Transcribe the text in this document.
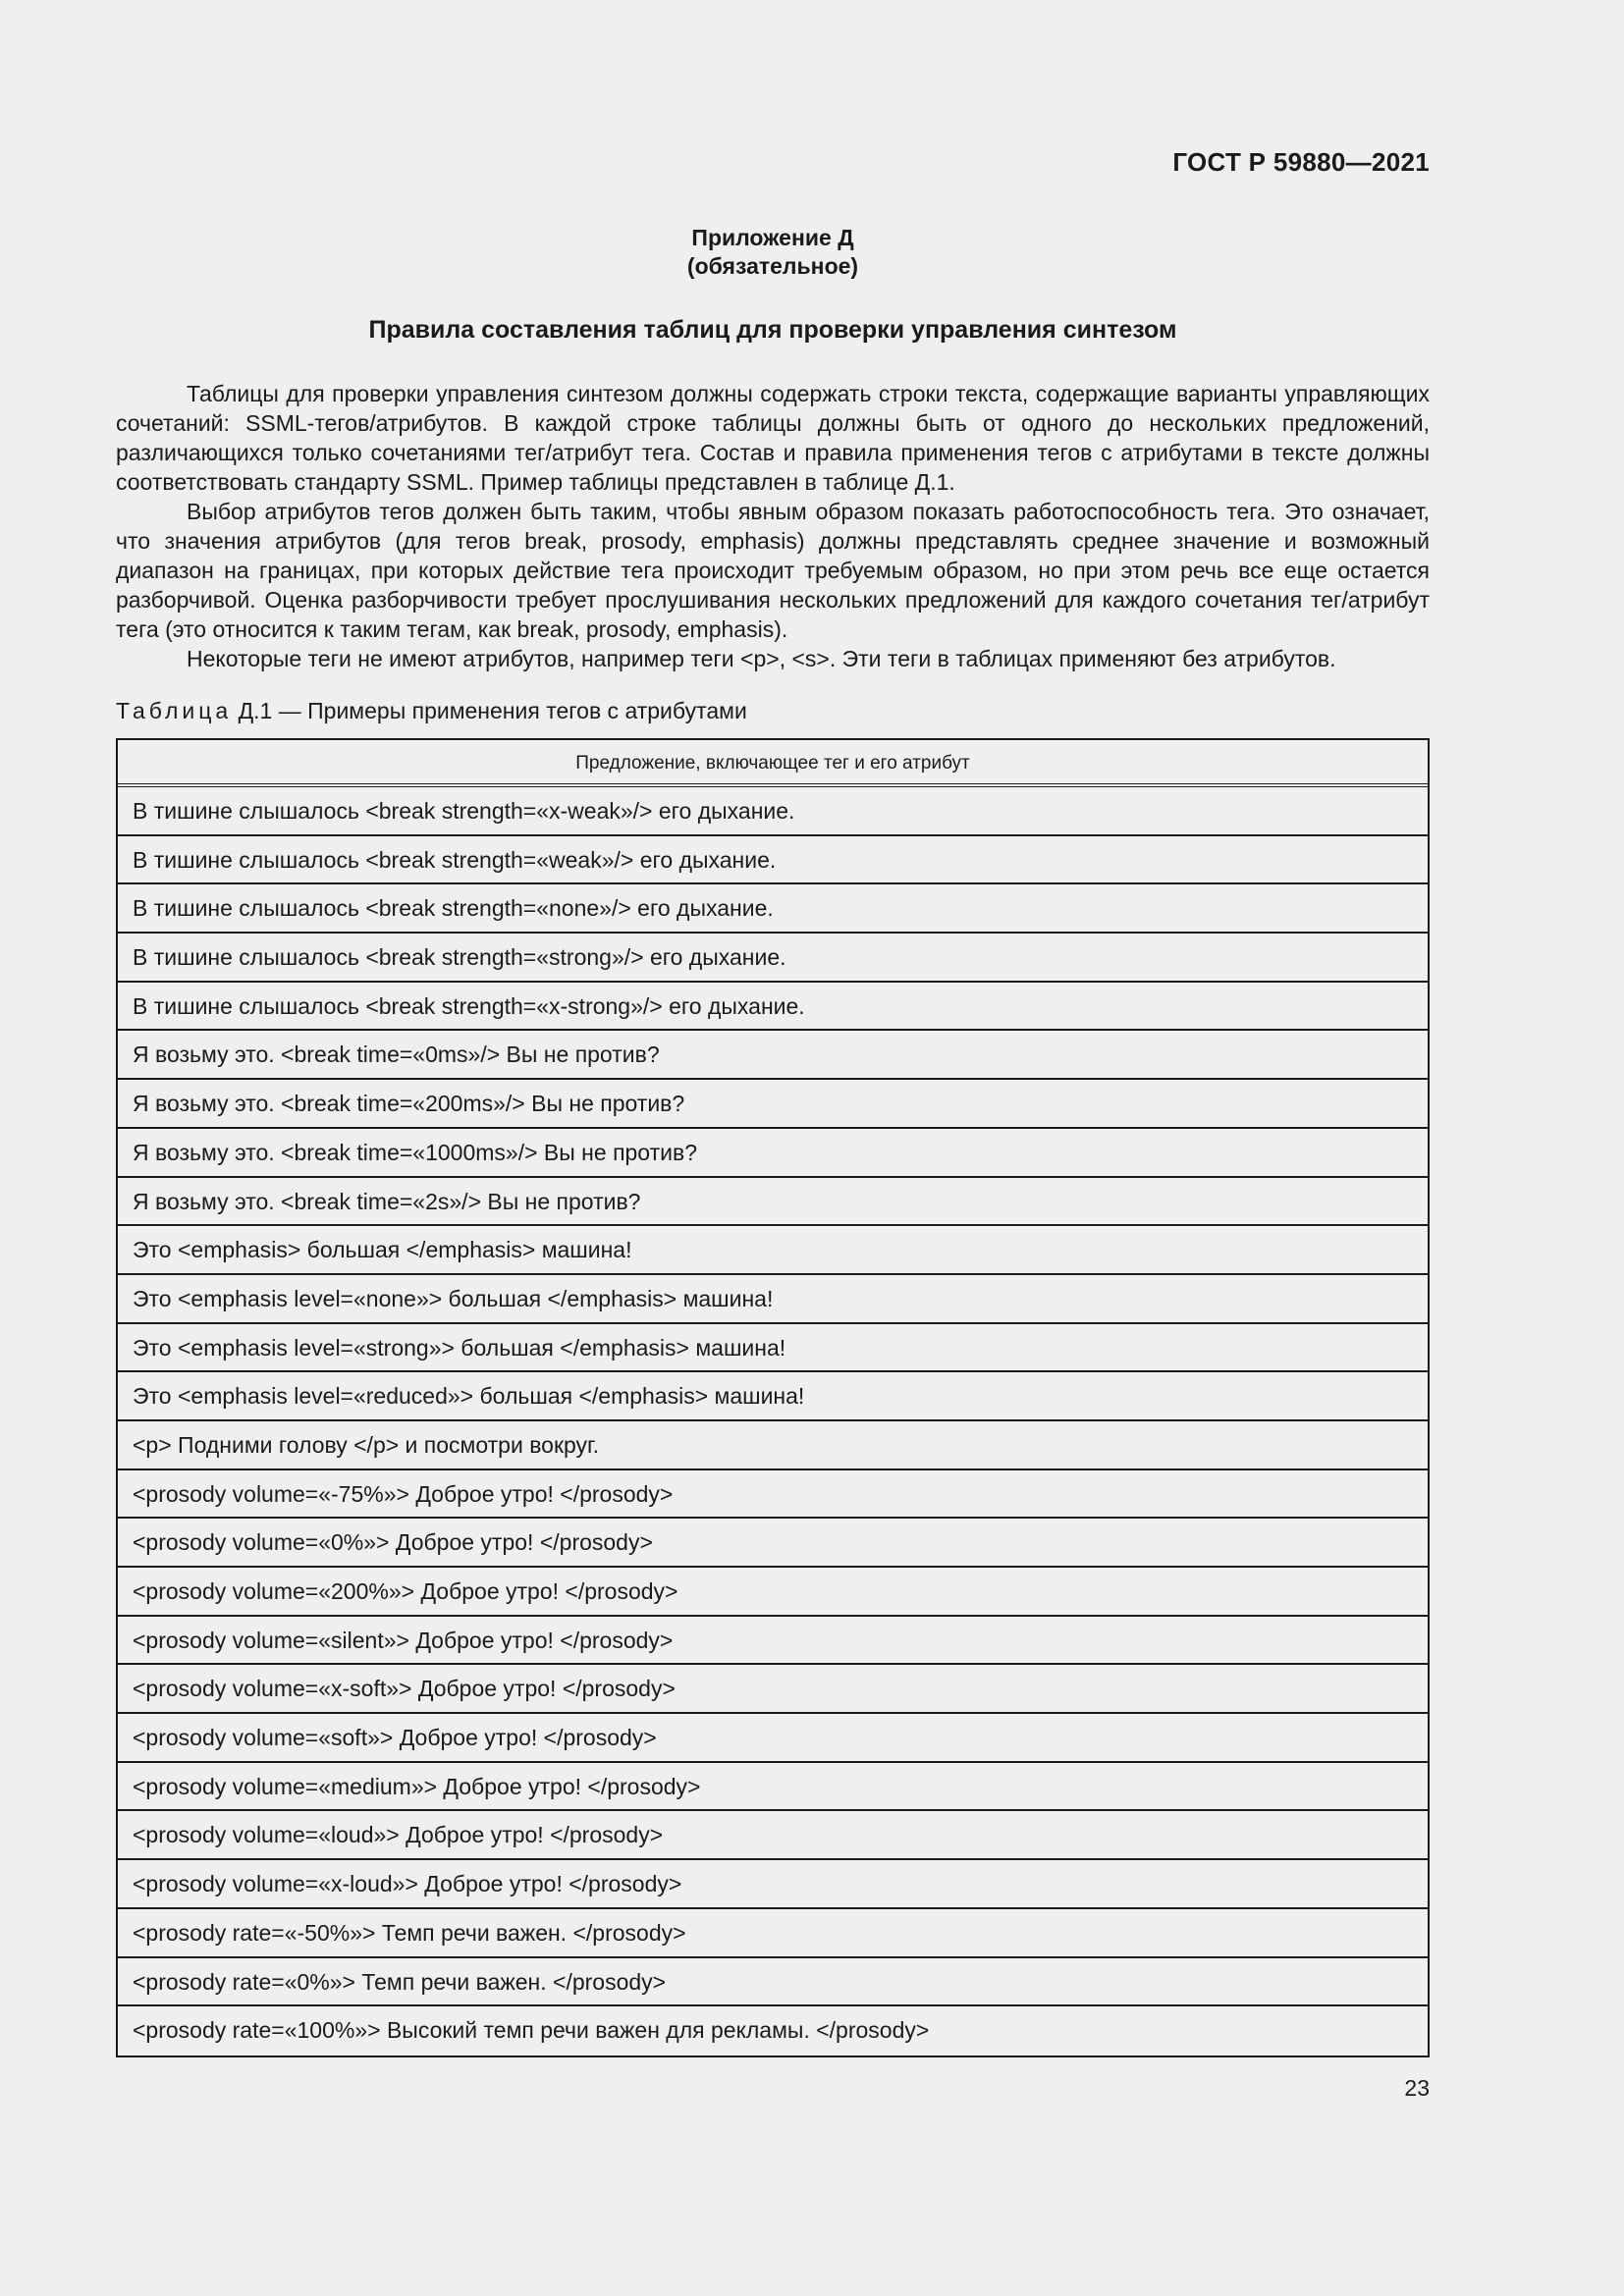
ГОСТ Р 59880—2021
Приложение Д
(обязательное)
Правила составления таблиц для проверки управления синтезом

Таблицы для проверки управления синтезом должны содержать строки текста, содержащие варианты управляющих сочетаний: SSML-тегов/атрибутов. В каждой строке таблицы должны быть от одного до нескольких предложений, различающихся только сочетаниями тег/атрибут тега. Состав и правила применения тегов с атрибутами в тексте должны соответствовать стандарту SSML. Пример таблицы представлен в таблице Д.1.

Выбор атрибутов тегов должен быть таким, чтобы явным образом показать работоспособность тега. Это означает, что значения атрибутов (для тегов break, prosody, emphasis) должны представлять среднее значение и возможный диапазон на границах, при которых действие тега происходит требуемым образом, но при этом речь все еще остается разборчивой. Оценка разборчивости требует прослушивания нескольких предложений для каждого сочетания тег/атрибут тега (это относится к таким тегам, как break, prosody, emphasis).

Некоторые теги не имеют атрибутов, например теги <p>, <s>. Эти теги в таблицах применяют без атрибутов.

Таблица Д.1 — Примеры применения тегов с атрибутами
Предложение, включающее тег и его атрибут
В тишине слышалось <break strength=«x-weak»/> его дыхание.
В тишине слышалось <break strength=«weak»/> его дыхание.
В тишине слышалось <break strength=«none»/> его дыхание.
В тишине слышалось <break strength=«strong»/> его дыхание.
В тишине слышалось <break strength=«x-strong»/> его дыхание.
Я возьму это. <break time=«0ms»/> Вы не против?
Я возьму это. <break time=«200ms»/> Вы не против?
Я возьму это. <break time=«1000ms»/> Вы не против?
Я возьму это. <break time=«2s»/> Вы не против?
Это <emphasis> большая </emphasis> машина!
Это <emphasis level=«none»> большая </emphasis> машина!
Это <emphasis level=«strong»> большая </emphasis> машина!
Это <emphasis level=«reduced»> большая </emphasis> машина!
<p> Подними голову </p> и посмотри вокруг.
<prosody volume=«-75%»> Доброе утро! </prosody>
<prosody volume=«0%»> Доброе утро! </prosody>
<prosody volume=«200%»> Доброе утро! </prosody>
<prosody volume=«silent»> Доброе утро! </prosody>
<prosody volume=«x-soft»> Доброе утро! </prosody>
<prosody volume=«soft»> Доброе утро! </prosody>
<prosody volume=«medium»> Доброе утро! </prosody>
<prosody volume=«loud»> Доброе утро! </prosody>
<prosody volume=«x-loud»> Доброе утро! </prosody>
<prosody rate=«-50%»> Темп речи важен. </prosody>
<prosody rate=«0%»> Темп речи важен. </prosody>
<prosody rate=«100%»> Высокий темп речи важен для рекламы. </prosody>
23
